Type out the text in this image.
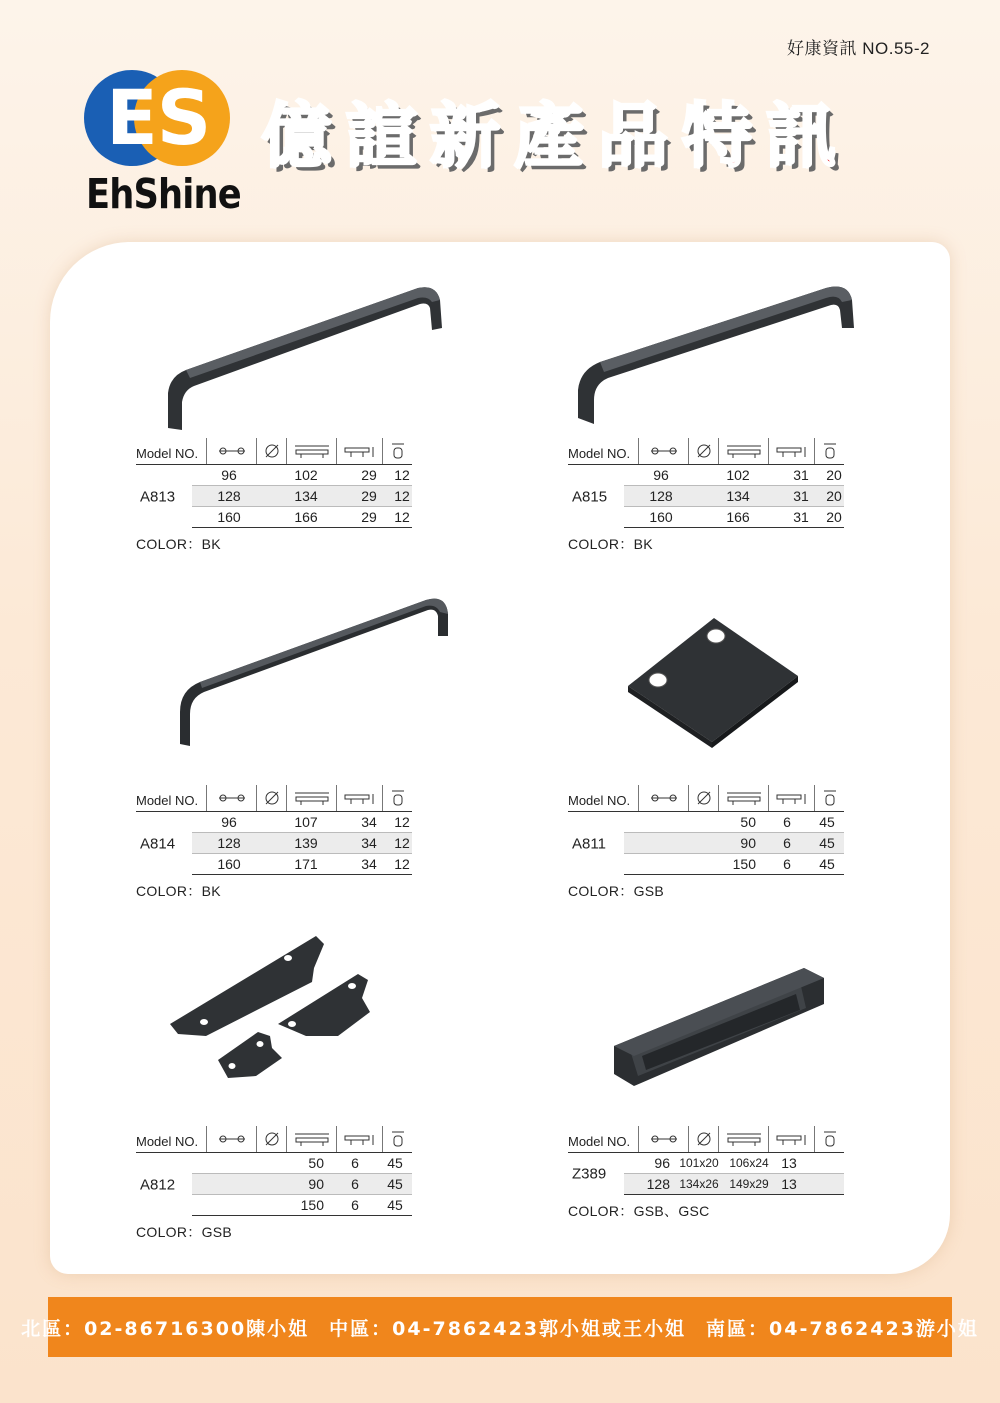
好康資訊 NO.55-2
E
S
EhShine
億諠新產品特訊
Model NO.
A813
96	102	29	12
128	134	29	12
160	166	29	12
COLOR：BK
Model NO.
A815
96	102	31	20
128	134	31	20
160	166	31	20
COLOR：BK
Model NO.
A814
96	107	34	12
128	139	34	12
160	171	34	12
COLOR：BK
Model NO.
A811
50	6	45
90	6	45
150	6	45
COLOR：GSB
Model NO.
A812
50	6	45
90	6	45
150	6	45
COLOR：GSB
Model NO.
Z389
96 101x20 106x24 13
128 134x26 149x29 13
COLOR：GSB、GSC
北區：02-86716300陳小姐 中區：04-7862423郭小姐或王小姐 南區：04-7862423游小姐
